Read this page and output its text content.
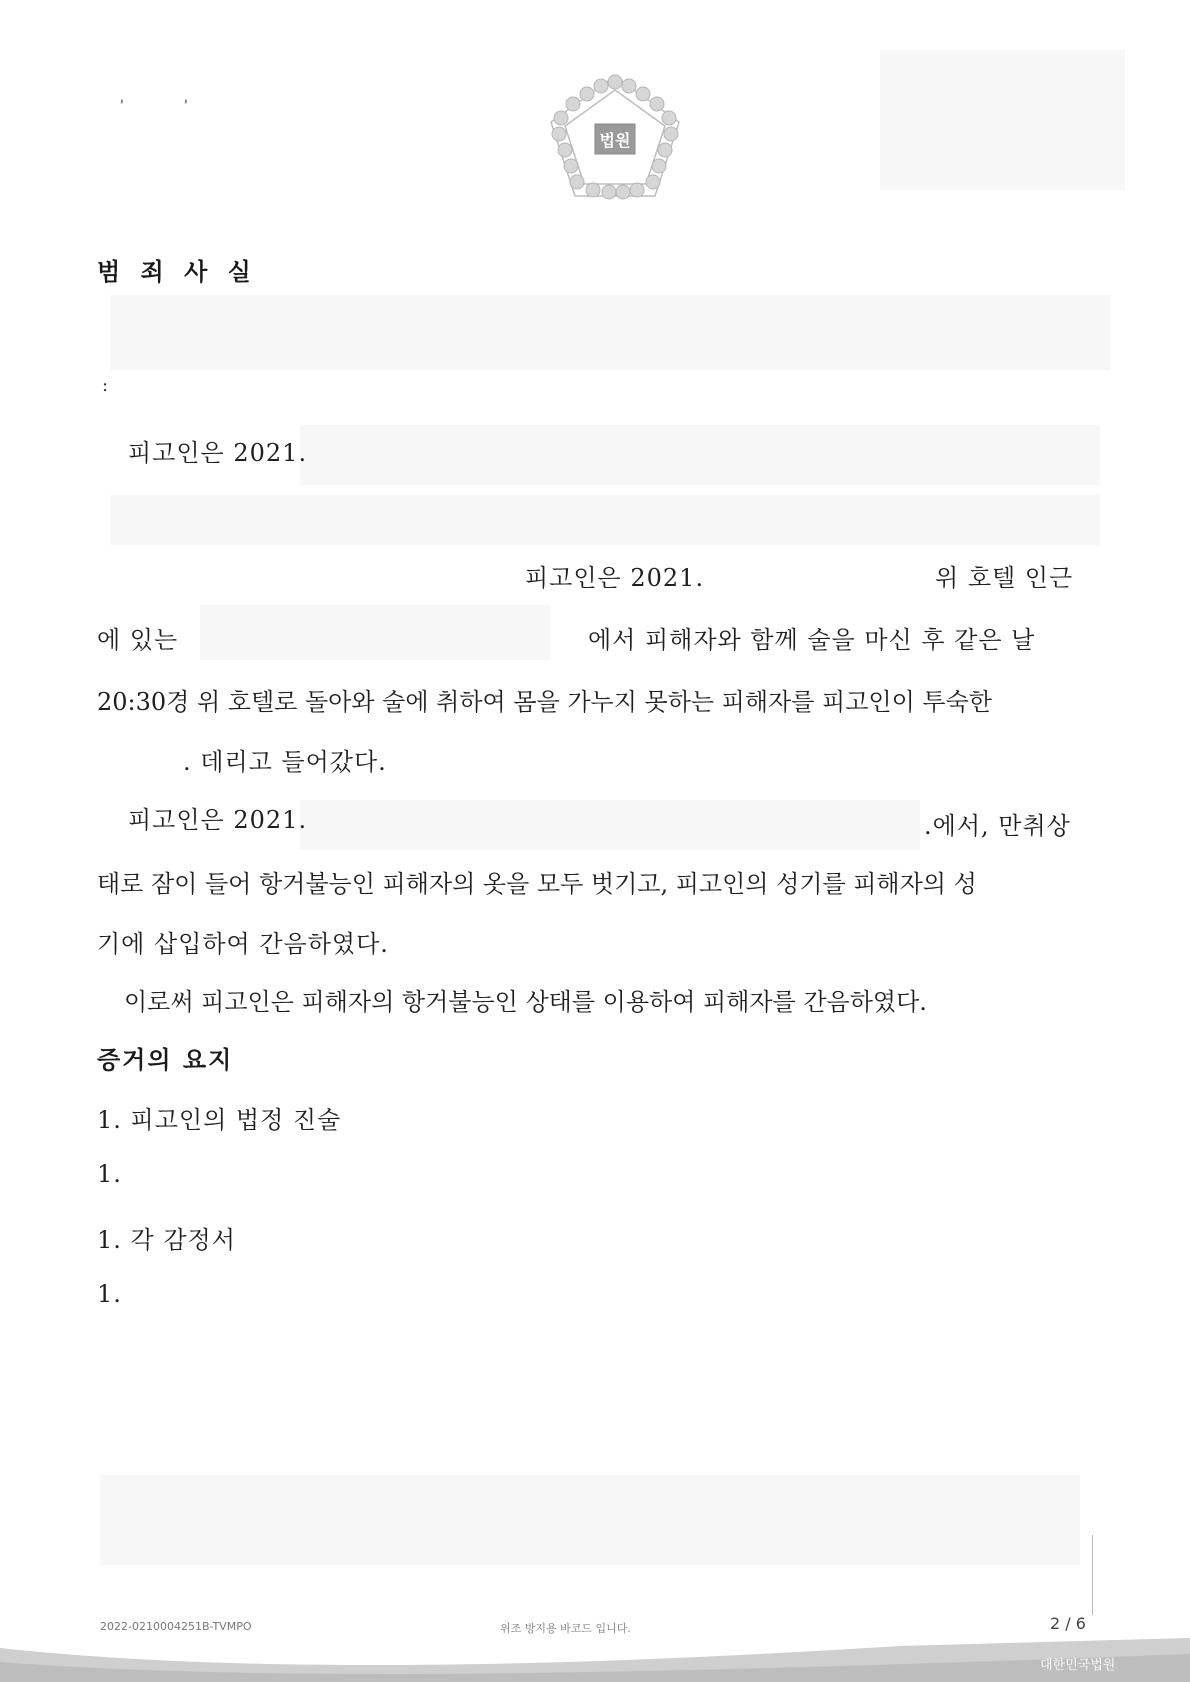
'	'
법원
범 죄 사 실
:
피고인은 2021.
피고인은 2021.	위 호텔 인근
에 있는	에서 피해자와 함께 술을 마신 후 같은 날
20:30경 위 호텔로 돌아와 술에 취하여 몸을 가누지 못하는 피해자를 피고인이 투숙한
. 데리고 들어갔다.
피고인은 2021.	.에서, 만취상
태로 잠이 들어 항거불능인 피해자의 옷을 모두 벗기고, 피고인의 성기를 피해자의 성
기에 삽입하여 간음하였다.
이로써 피고인은 피해자의 항거불능인 상태를 이용하여 피해자를 간음하였다.
증거의 요지
1. 피고인의 법정 진술
1.
1. 각 감정서
1.
2022-0210004251B-TVMPO	위조 방지용 바코드 입니다.	2 / 6
대한민국법원
